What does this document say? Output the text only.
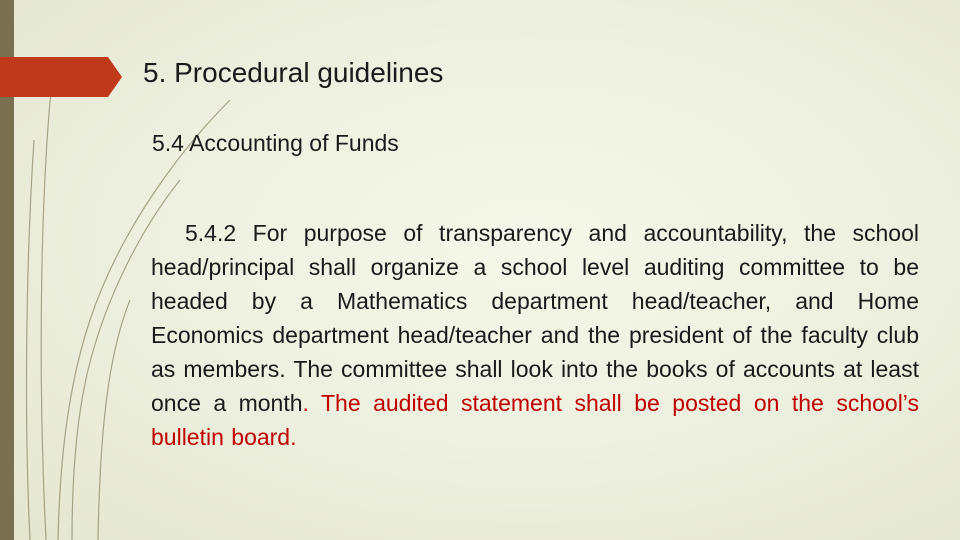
5. Procedural guidelines
5.4 Accounting of Funds
5.4.2 For purpose of transparency and accountability, the school head/principal shall organize a school level auditing committee to be headed by a Mathematics department head/teacher, and Home Economics department head/teacher and the president of the faculty club as members. The committee shall look into the books of accounts at least once a month. The audited statement shall be posted on the school’s bulletin board.
